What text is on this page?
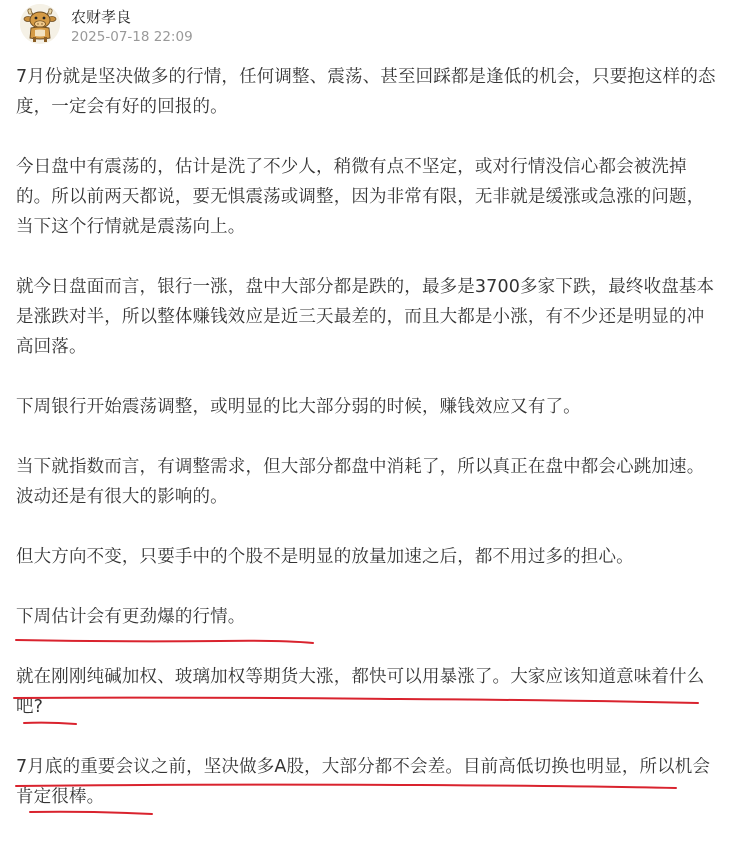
农财孝良
2025-07-18 22:09

7月份就是坚决做多的行情，任何调整、震荡、甚至回踩都是逢低的机会，只要抱这样的态度，一定会有好的回报的。

今日盘中有震荡的，估计是洗了不少人，稍微有点不坚定，或对行情没信心都会被洗掉的。所以前两天都说，要无惧震荡或调整，因为非常有限，无非就是缓涨或急涨的问题，当下这个行情就是震荡向上。

就今日盘面而言，银行一涨，盘中大部分都是跌的，最多是3700多家下跌，最终收盘基本是涨跌对半，所以整体赚钱效应是近三天最差的，而且大都是小涨，有不少还是明显的冲高回落。

下周银行开始震荡调整，或明显的比大部分弱的时候，赚钱效应又有了。

当下就指数而言，有调整需求，但大部分都盘中消耗了，所以真正在盘中都会心跳加速。波动还是有很大的影响的。

但大方向不变，只要手中的个股不是明显的放量加速之后，都不用过多的担心。

下周估计会有更劲爆的行情。

就在刚刚纯碱加权、玻璃加权等期货大涨，都快可以用暴涨了。大家应该知道意味着什么吧?

7月底的重要会议之前，坚决做多A股，大部分都不会差。目前高低切换也明显，所以机会肯定很棒。
